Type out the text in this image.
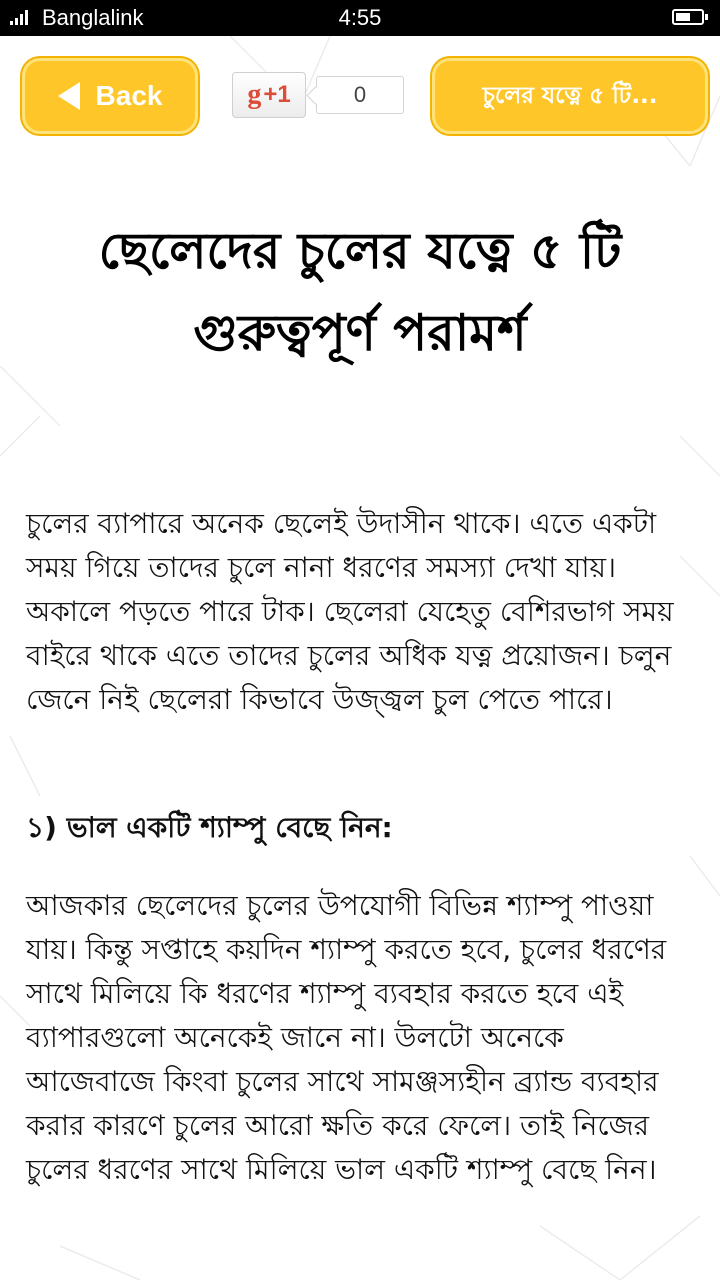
Banglalink	4:55
Back	g +1	0	চুলের যত্নে ৫ টি...
ছেলেদের চুলের যত্নে ৫ টি গুরুত্বপূর্ণ পরামর্শ

চুলের ব্যাপারে অনেক ছেলেই উদাসীন থাকে। এতে একটা সময় গিয়ে তাদের চুলে নানা ধরণের সমস্যা দেখা যায়। অকালে পড়তে পারে টাক। ছেলেরা যেহেতু বেশিরভাগ সময় বাইরে থাকে এতে তাদের চুলের অধিক যত্ন প্রয়োজন। চলুন জেনে নিই ছেলেরা কিভাবে উজ্জ্বল চুল পেতে পারে।

১) ভাল একটি শ্যাম্পু বেছে নিন:

আজকার ছেলেদের চুলের উপযোগী বিভিন্ন শ্যাম্পু পাওয়া যায়। কিন্তু সপ্তাহে কয়দিন শ্যাম্পু করতে হবে, চুলের ধরণের সাথে মিলিয়ে কি ধরণের শ্যাম্পু ব্যবহার করতে হবে এই ব্যাপারগুলো অনেকেই জানে না। উলটো অনেকে আজেবাজে কিংবা চুলের সাথে সামঞ্জস্যহীন ব্র্যান্ড ব্যবহার করার কারণে চুলের আরো ক্ষতি করে ফেলে। তাই নিজের চুলের ধরণের সাথে মিলিয়ে ভাল একটি শ্যাম্পু বেছে নিন।
